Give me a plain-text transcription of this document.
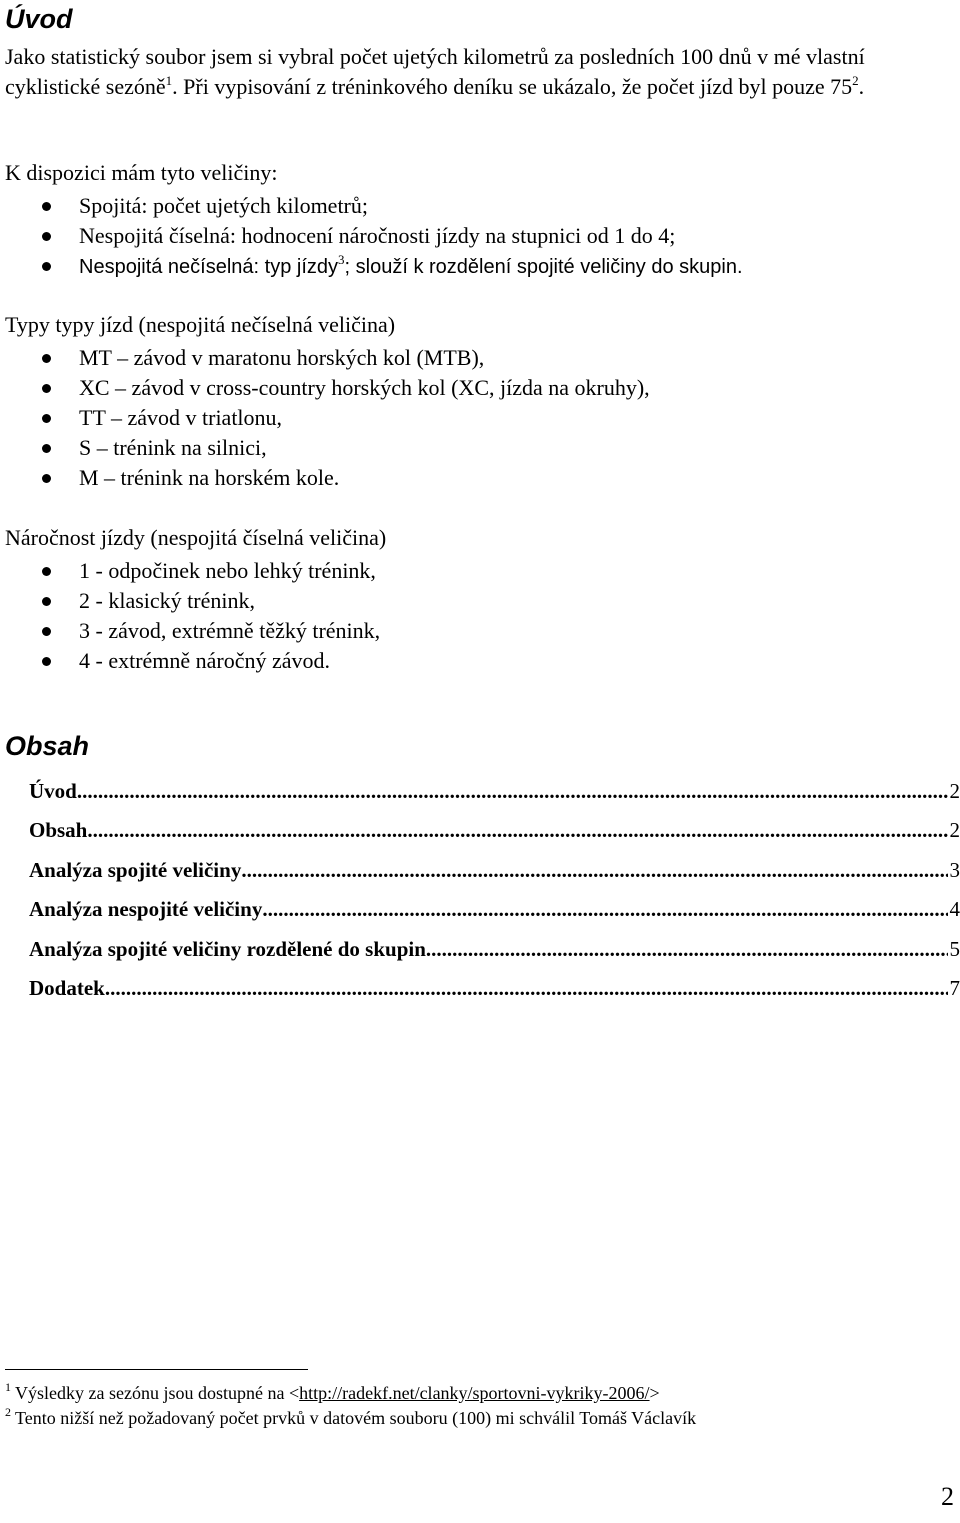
Úvod

Jako statistický soubor jsem si vybral počet ujetých kilometrů za posledních 100 dnů v mé vlastní cyklistické sezóně$^1$. Při vypisování z tréninkového deníku se ukázalo, že počet jízd byl pouze $75^2$.

K dispozici mám tyto veličiny:

Spojitá: počet ujetých kilometrů;
Nespojitá číselná: hodnocení náročnosti jízdy na stupnici od 1 do 4;
Nespojitá nečíselná: typ jízdy$^3$; slouží k rozdělení spojité veličiny do skupin.

Typy typy jízd (nespojitá nečíselná veličina)

MT – závod v maratonu horských kol (MTB),
XC – závod v cross-country horských kol (XC, jízda na okruhy),
TT – závod v triatlonu,
S – trénink na silnici,
M – trénink na horském kole.

Náročnost jízdy (nespojitá číselná veličina)

1 - odpočinek nebo lehký trénink,
2 - klasický trénink,
3 - závod, extrémně těžký trénink,
4 - extrémně náročný závod.
Obsah
Úvod .....	2
Obsah .....	2
Analýza spojité veličiny .....	3
Analýza nespojité veličiny .....	4
Analýza spojité veličiny rozdělené do skupin .....	5
Dodatek .....	7
$^1$ Výsledky za sezónu jsou dostupné na <http://radekf.net/clanky/sportovni-vykriky-2006/>
$^2$ Tento nižší než požadovaný počet prvků v datovém souboru (100) mi schválil Tomáš Václavík
2
